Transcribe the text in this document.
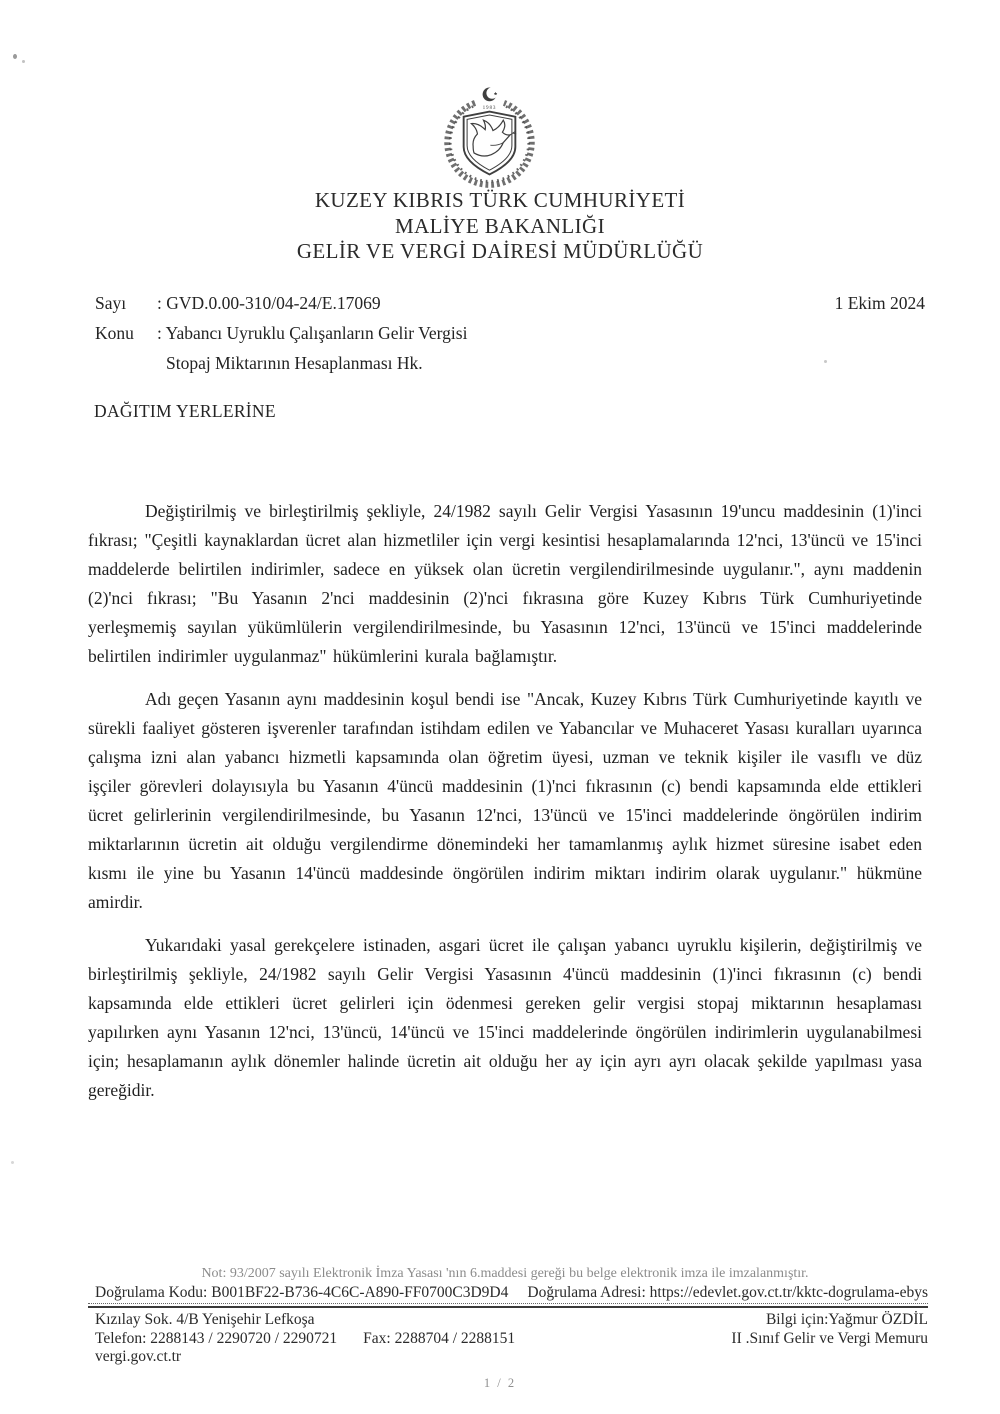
1983
KUZEY KIBRIS TÜRK CUMHURİYETİ
MALİYE BAKANLIĞI
GELİR VE VERGİ DAİRESİ MÜDÜRLÜĞÜ
Sayı	: GVD.0.00-310/04-24/E.17069	1 Ekim 2024
Konu	: Yabancı Uyruklu Çalışanların Gelir Vergisi
Stopaj Miktarının Hesaplanması Hk.
DAĞITIM YERLERİNE

Değiştirilmiş ve birleştirilmiş şekliyle, 24/1982 sayılı Gelir Vergisi Yasasının 19'uncu maddesinin (1)'inci fıkrası; "Çeşitli kaynaklardan ücret alan hizmetliler için vergi kesintisi hesaplamalarında 12'nci, 13'üncü ve 15'inci maddelerde belirtilen indirimler, sadece en yüksek olan ücretin vergilendirilmesinde uygulanır.", aynı maddenin (2)'nci fıkrası; "Bu Yasanın 2'nci maddesinin (2)'nci fıkrasına göre Kuzey Kıbrıs Türk Cumhuriyetinde yerleşmemiş sayılan yükümlülerin vergilendirilmesinde, bu Yasasının 12'nci, 13'üncü ve 15'inci maddelerinde belirtilen indirimler uygulanmaz" hükümlerini kurala bağlamıştır.

Adı geçen Yasanın aynı maddesinin koşul bendi ise "Ancak, Kuzey Kıbrıs Türk Cumhuriyetinde kayıtlı ve sürekli faaliyet gösteren işverenler tarafından istihdam edilen ve Yabancılar ve Muhaceret Yasası kuralları uyarınca çalışma izni alan yabancı hizmetli kapsamında olan öğretim üyesi, uzman ve teknik kişiler ile vasıflı ve düz işçiler görevleri dolayısıyla bu Yasanın 4'üncü maddesinin (1)'nci fıkrasının (c) bendi kapsamında elde ettikleri ücret gelirlerinin vergilendirilmesinde, bu Yasanın 12'nci, 13'üncü ve 15'inci maddelerinde öngörülen indirim miktarlarının ücretin ait olduğu vergilendirme dönemindeki her tamamlanmış aylık hizmet süresine isabet eden kısmı ile yine bu Yasanın 14'üncü maddesinde öngörülen indirim miktarı indirim olarak uygulanır." hükmüne amirdir.

Yukarıdaki yasal gerekçelere istinaden, asgari ücret ile çalışan yabancı uyruklu kişilerin, değiştirilmiş ve birleştirilmiş şekliyle, 24/1982 sayılı Gelir Vergisi Yasasının 4'üncü maddesinin (1)'inci fıkrasının (c) bendi kapsamında elde ettikleri ücret gelirleri için ödenmesi gereken gelir vergisi stopaj miktarının hesaplaması yapılırken aynı Yasanın 12'nci, 13'üncü, 14'üncü ve 15'inci maddelerinde öngörülen indirimlerin uygulanabilmesi için; hesaplamanın aylık dönemler halinde ücretin ait olduğu her ay için ayrı ayrı olacak şekilde yapılması yasa gereğidir.

Not: 93/2007 sayılı Elektronik İmza Yasası 'nın 6.maddesi gereği bu belge elektronik imza ile imzalanmıştır.
Doğrulama Kodu: B001BF22-B736-4C6C-A890-FF0700C3D9D4 Doğrulama Adresi: https://edevlet.gov.ct.tr/kktc-dogrulama-ebys
Kızılay Sok. 4/B Yenişehir Lefkoşa
Telefon: 2288143 / 2290720 / 2290721 Fax: 2288704 / 2288151
vergi.gov.ct.tr
Bilgi için:Yağmur ÖZDİL
II .Sınıf Gelir ve Vergi Memuru
1 / 2
